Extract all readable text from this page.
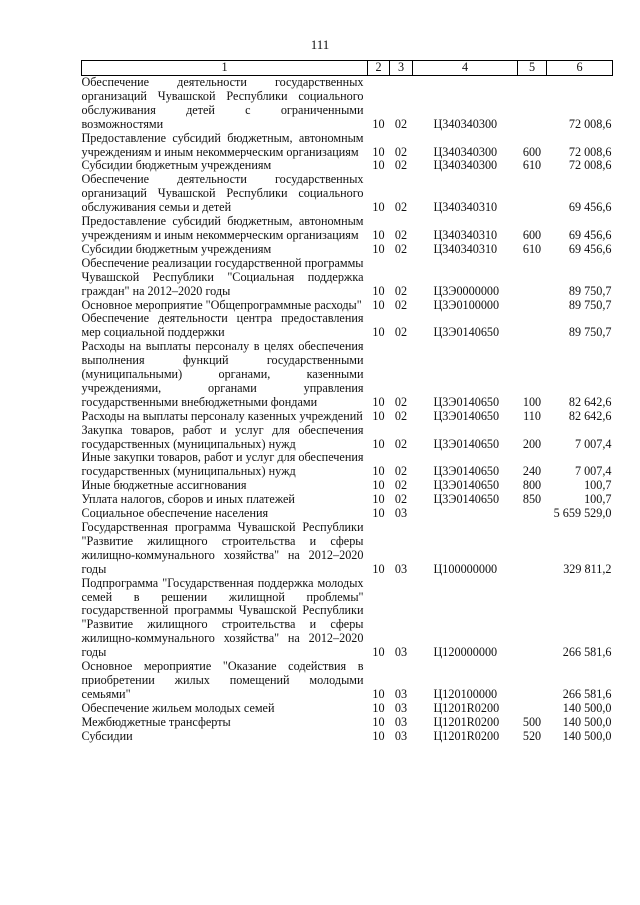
111
1	2	3	4	5	6
Обеспечение деятельности государственных организаций Чувашской Республики социального обслуживания детей с ограниченными возможностями	10	02	Ц340340300		72 008,6
Предоставление субсидий бюджетным, автономным учреждениям и иным некоммерческим организациям	10	02	Ц340340300	600	72 008,6
Субсидии бюджетным учреждениям	10	02	Ц340340300	610	72 008,6
Обеспечение деятельности государственных организаций Чувашской Республики социального обслуживания семьи и детей	10	02	Ц340340310		69 456,6
Предоставление субсидий бюджетным, автономным учреждениям и иным некоммерческим организациям	10	02	Ц340340310	600	69 456,6
Субсидии бюджетным учреждениям	10	02	Ц340340310	610	69 456,6
Обеспечение реализации государственной программы Чувашской Республики "Социальная поддержка граждан" на 2012–2020 годы	10	02	Ц3Э0000000		89 750,7
Основное мероприятие "Общепрограммные расходы"	10	02	Ц3Э0100000		89 750,7
Обеспечение деятельности центра предоставления мер социальной поддержки	10	02	Ц3Э0140650		89 750,7
Расходы на выплаты персоналу в целях обеспечения выполнения функций государственными (муниципальными) органами, казенными учреждениями, органами управления государственными внебюджетными фондами	10	02	Ц3Э0140650	100	82 642,6
Расходы на выплаты персоналу казенных учреждений	10	02	Ц3Э0140650	110	82 642,6
Закупка товаров, работ и услуг для обеспечения государственных (муниципальных) нужд	10	02	Ц3Э0140650	200	7 007,4
Иные закупки товаров, работ и услуг для обеспечения государственных (муниципальных) нужд	10	02	Ц3Э0140650	240	7 007,4
Иные бюджетные ассигнования	10	02	Ц3Э0140650	800	100,7
Уплата налогов, сборов и иных платежей	10	02	Ц3Э0140650	850	100,7
Социальное обеспечение населения	10	03			5 659 529,0
Государственная программа Чувашской Республики "Развитие жилищного строительства и сферы жилищно-коммунального хозяйства" на 2012–2020 годы	10	03	Ц100000000		329 811,2
Подпрограмма "Государственная поддержка молодых семей в решении жилищной проблемы" государственной программы Чувашской Республики "Развитие жилищного строительства и сферы жилищно-коммунального хозяйства" на 2012–2020 годы	10	03	Ц120000000		266 581,6
Основное мероприятие "Оказание содействия в приобретении жилых помещений молодыми семьями"	10	03	Ц120100000		266 581,6
Обеспечение жильем молодых семей	10	03	Ц1201R0200		140 500,0
Межбюджетные трансферты	10	03	Ц1201R0200	500	140 500,0
Субсидии	10	03	Ц1201R0200	520	140 500,0
